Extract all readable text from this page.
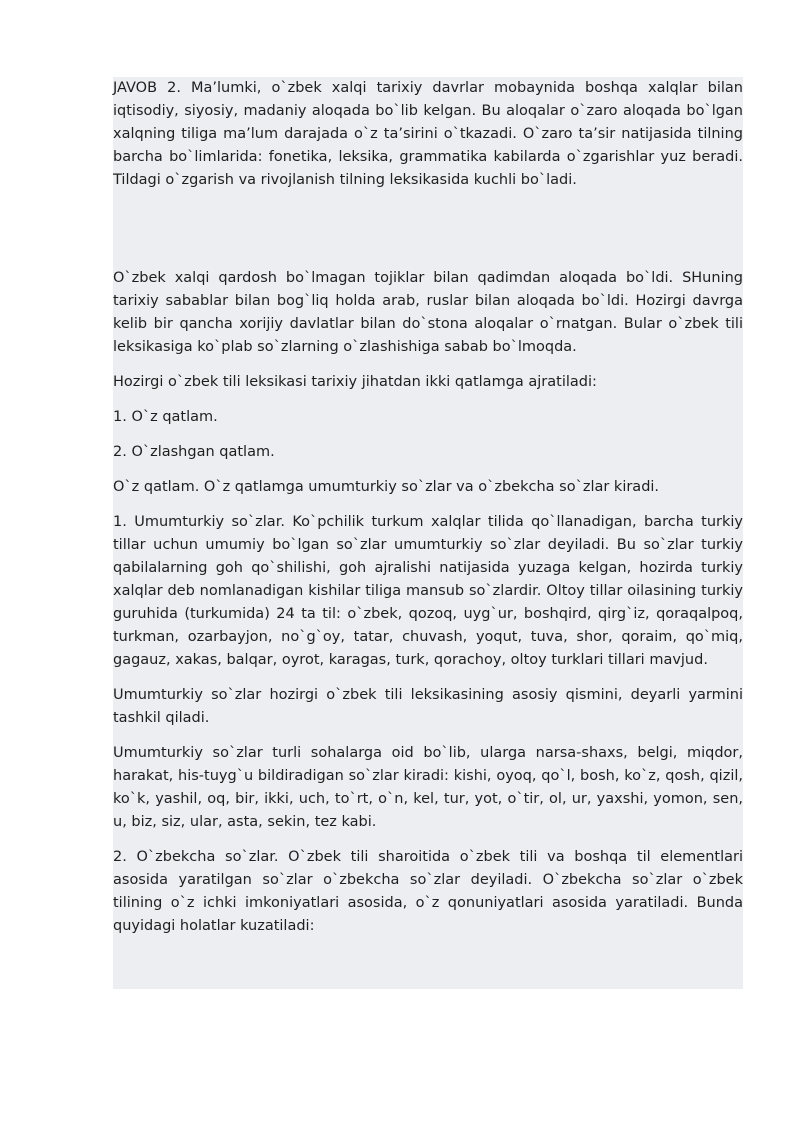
JAVOB 2. Ma’lumki, o`zbek xalqi tarixiy davrlar mobaynida boshqa xalqlar bilan iqtisodiy, siyosiy, madaniy aloqada bo`lib kelgan. Bu aloqalar o`zaro aloqada bo`lgan xalqning tiliga ma’lum darajada o`z ta’sirini o`tkazadi. O`zaro ta’sir natijasida tilning barcha bo`limlarida: fonetika, leksika, grammatika kabilarda o`zgarishlar yuz beradi. Tildagi o`zgarish va rivojlanish tilning leksikasida kuchli bo`ladi.

O`zbek xalqi qardosh bo`lmagan tojiklar bilan qadimdan aloqada bo`ldi. SHuning tarixiy sabablar bilan bog`liq holda arab, ruslar bilan aloqada bo`ldi. Hozirgi davrga kelib bir qancha xorijiy davlatlar bilan do`stona aloqalar o`rnatgan. Bular o`zbek tili leksikasiga ko`plab so`zlarning o`zlashishiga sabab bo`lmoqda.

Hozirgi o`zbek tili leksikasi tarixiy jihatdan ikki qatlamga ajratiladi:

1. O`z qatlam.

2. O`zlashgan qatlam.

O`z qatlam. O`z qatlamga umumturkiy so`zlar va o`zbekcha so`zlar kiradi.

1. Umumturkiy so`zlar. Ko`pchilik turkum xalqlar tilida qo`llanadigan, barcha turkiy tillar uchun umumiy bo`lgan so`zlar umumturkiy so`zlar deyiladi. Bu so`zlar turkiy qabilalarning goh qo`shilishi, goh ajralishi natijasida yuzaga kelgan, hozirda turkiy xalqlar deb nomlanadigan kishilar tiliga mansub so`zlardir. Oltoy tillar oilasining turkiy guruhida (turkumida) 24 ta til: o`zbek, qozoq, uyg`ur, boshqird, qirg`iz, qoraqalpoq, turkman, ozarbayjon, no`g`oy, tatar, chuvash, yoqut, tuva, shor, qoraim, qo`miq, gagauz, xakas, balqar, oyrot, karagas, turk, qorachoy, oltoy turklari tillari mavjud.

Umumturkiy so`zlar hozirgi o`zbek tili leksikasining asosiy qismini, deyarli yarmini tashkil qiladi.

Umumturkiy so`zlar turli sohalarga oid bo`lib, ularga narsa-shaxs, belgi, miqdor, harakat, his-tuyg`u bildiradigan so`zlar kiradi: kishi, oyoq, qo`l, bosh, ko`z, qosh, qizil, ko`k, yashil, oq, bir, ikki, uch, to`rt, o`n, kel, tur, yot, o`tir, ol, ur, yaxshi, yomon, sen, u, biz, siz, ular, asta, sekin, tez kabi.

2. O`zbekcha so`zlar. O`zbek tili sharoitida o`zbek tili va boshqa til elementlari asosida yaratilgan so`zlar o`zbekcha so`zlar deyiladi. O`zbekcha so`zlar o`zbek tilining o`z ichki imkoniyatlari asosida, o`z qonuniyatlari asosida yaratiladi. Bunda quyidagi holatlar kuzatiladi:
